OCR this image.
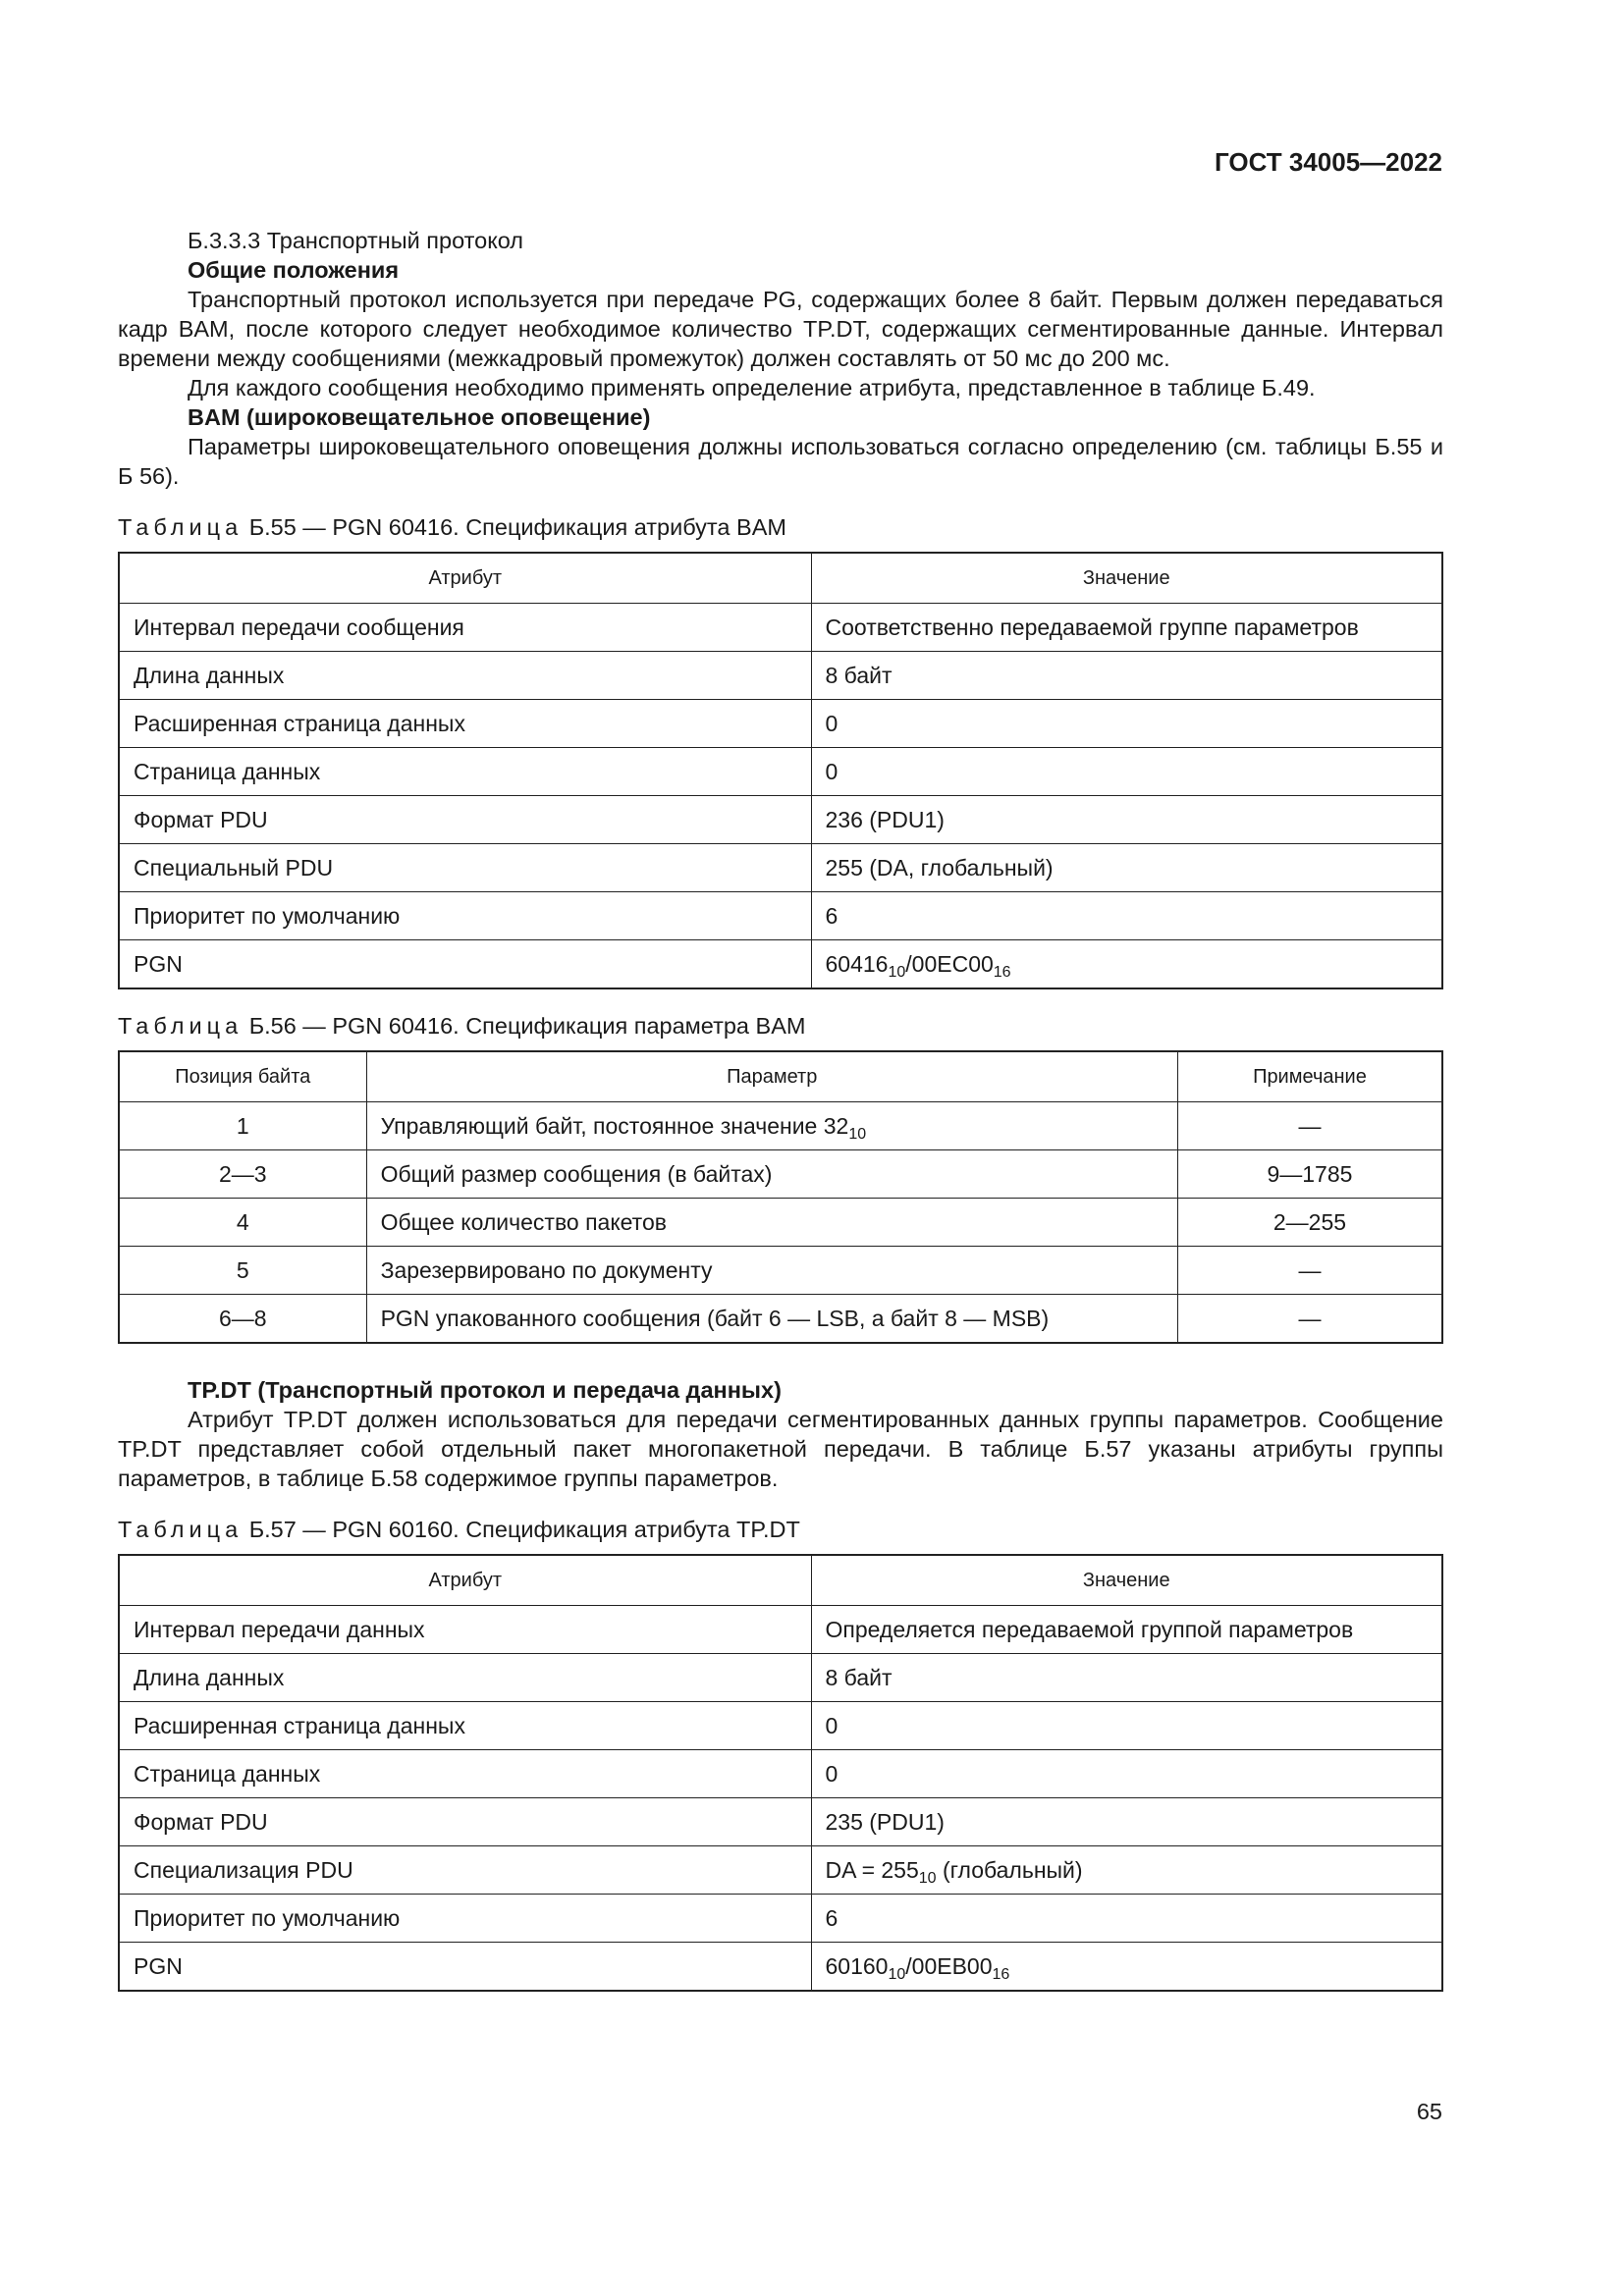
ГОСТ 34005—2022

Б.3.3.3 Транспортный протокол

Общие положения

Транспортный протокол используется при передаче PG, содержащих более 8 байт. Первым должен передаваться кадр BAM, после которого следует необходимое количество TP.DT, содержащих сегментированные данные. Интервал времени между сообщениями (межкадровый промежуток) должен составлять от 50 мс до 200 мс.

Для каждого сообщения необходимо применять определение атрибута, представленное в таблице Б.49.

BAM (широковещательное оповещение)

Параметры широковещательного оповещения должны использоваться согласно определению (см. таблицы Б.55 и Б 56).

Таблица Б.55 — PGN 60416. Спецификация атрибута BAM
Атрибут	Значение
Интервал передачи сообщения	Соответственно передаваемой группе параметров
Длина данных	8 байт
Расширенная страница данных	0
Страница данных	0
Формат PDU	236 (PDU1)
Специальный PDU	255 (DA, глобальный)
Приоритет по умолчанию	6
PGN	$60416_{10}/00EC00_{16}$
Таблица Б.56 — PGN 60416. Спецификация параметра BAM
Позиция байта	Параметр	Примечание
1	Управляющий байт, постоянное значение $32_{10}$	—
2—3	Общий размер сообщения (в байтах)	9—1785
4	Общее количество пакетов	2—255
5	Зарезервировано по документу	—
6—8	PGN упакованного сообщения (байт 6 — LSB, а байт 8 — MSB)	—

TP.DT (Транспортный протокол и передача данных)

Атрибут TP.DT должен использоваться для передачи сегментированных данных группы параметров. Сообщение TP.DT представляет собой отдельный пакет многопакетной передачи. В таблице Б.57 указаны атрибуты группы параметров, в таблице Б.58 содержимое группы параметров.

Таблица Б.57 — PGN 60160. Спецификация атрибута TP.DT
Атрибут	Значение
Интервал передачи данных	Определяется передаваемой группой параметров
Длина данных	8 байт
Расширенная страница данных	0
Страница данных	0
Формат PDU	235 (PDU1)
Специализация PDU	DA = $255_{10}$ (глобальный)
Приоритет по умолчанию	6
PGN	$60160_{10}/00EB00_{16}$
65
